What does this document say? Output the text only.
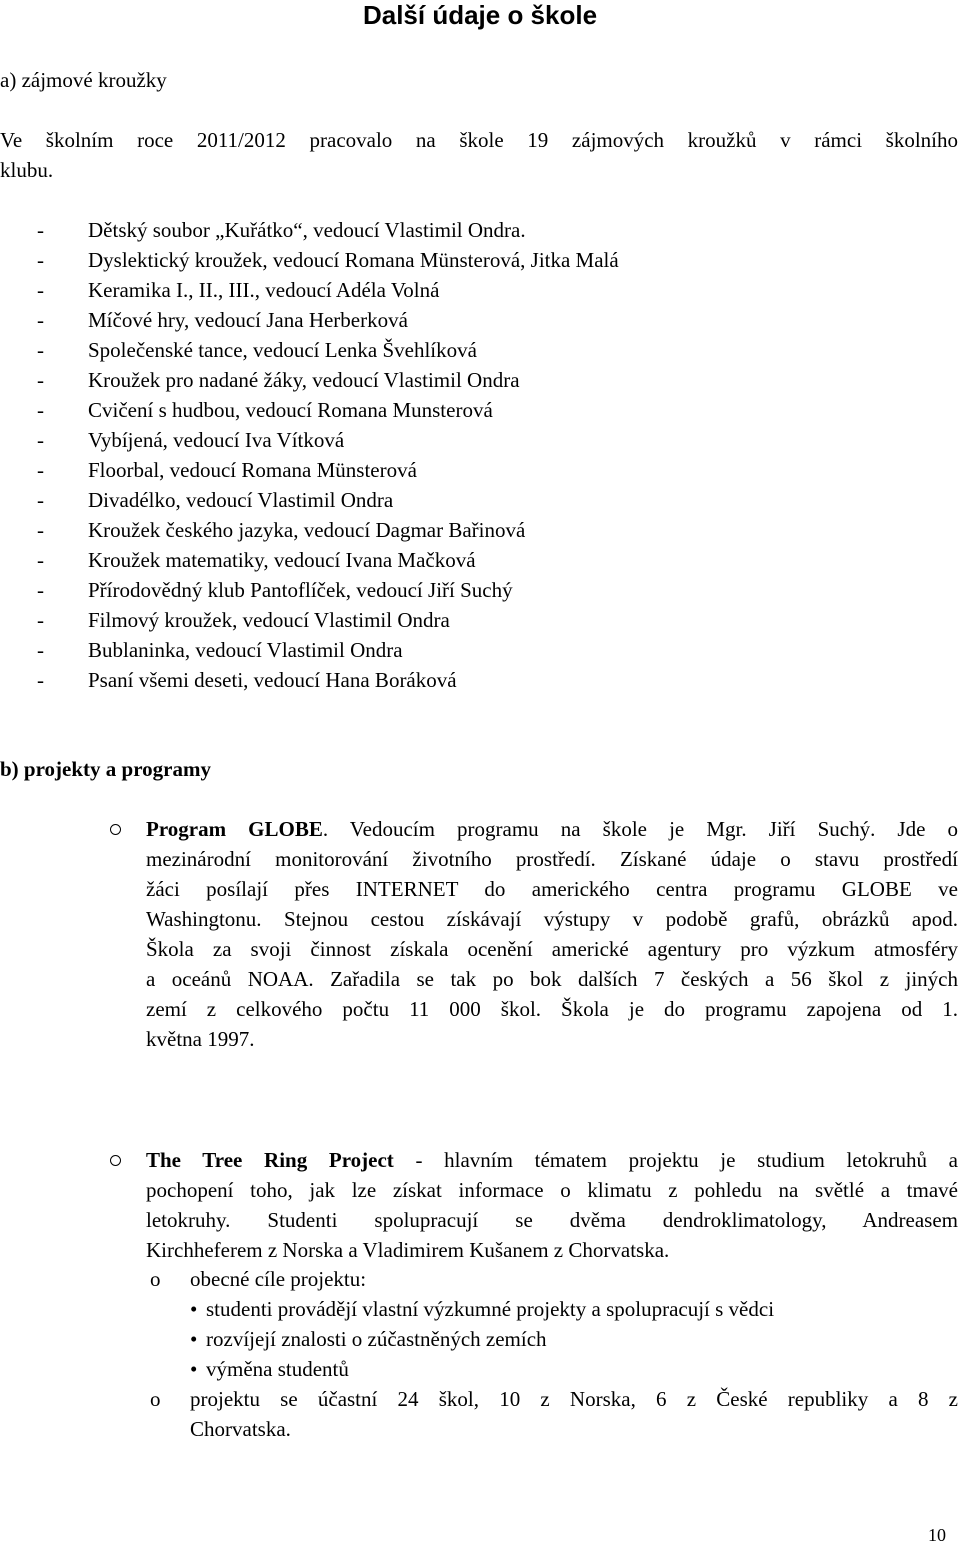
Další údaje o škole
a) zájmové kroužky
Ve školním roce 2011/2012 pracovalo na škole 19 zájmových kroužků v rámci školního
klubu.
- Dětský soubor „Kuřátko“, vedoucí Vlastimil Ondra.
- Dyslektický kroužek, vedoucí Romana Münsterová, Jitka Malá
- Keramika I., II., III., vedoucí Adéla Volná
- Míčové hry, vedoucí Jana Herberková
- Společenské tance, vedoucí Lenka Švehlíková
- Kroužek pro nadané žáky, vedoucí Vlastimil Ondra
- Cvičení s hudbou, vedoucí Romana Munsterová
- Vybíjená, vedoucí Iva Vítková
- Floorbal, vedoucí Romana Münsterová
- Divadélko, vedoucí Vlastimil Ondra
- Kroužek českého jazyka, vedoucí Dagmar Bařinová
- Kroužek matematiky, vedoucí Ivana Mačková
- Přírodovědný klub Pantoflíček, vedoucí Jiří Suchý
- Filmový kroužek, vedoucí Vlastimil Ondra
- Bublaninka, vedoucí Vlastimil Ondra
- Psaní všemi deseti, vedoucí Hana Boráková
b) projekty a programy
Program GLOBE. Vedoucím programu na škole je Mgr. Jiří Suchý. Jde o
mezinárodní monitorování životního prostředí. Získané údaje o stavu prostředí
žáci posílají přes INTERNET do amerického centra programu GLOBE ve
Washingtonu. Stejnou cestou získávají výstupy v podobě grafů, obrázků apod.
Škola za svoji činnost získala ocenění americké agentury pro výzkum atmosféry
a oceánů NOAA. Zařadila se tak po bok dalších 7 českých a 56 škol z jiných
zemí z celkového počtu 11 000 škol. Škola je do programu zapojena od 1.
května 1997.
The Tree Ring Project - hlavním tématem projektu je studium letokruhů a
pochopení toho, jak lze získat informace o klimatu z pohledu na světlé a tmavé
letokruhy. Studenti spolupracují se dvěma dendroklimatology, Andreasem
Kirchheferem z Norska a Vladimirem Kušanem z Chorvatska.
o obecné cíle projektu:
• studenti provádějí vlastní výzkumné projekty a spolupracují s vědci
• rozvíjejí znalosti o zúčastněných zemích
• výměna studentů
o projektu se účastní 24 škol, 10 z Norska, 6 z České republiky a 8 z
Chorvatska.
10
